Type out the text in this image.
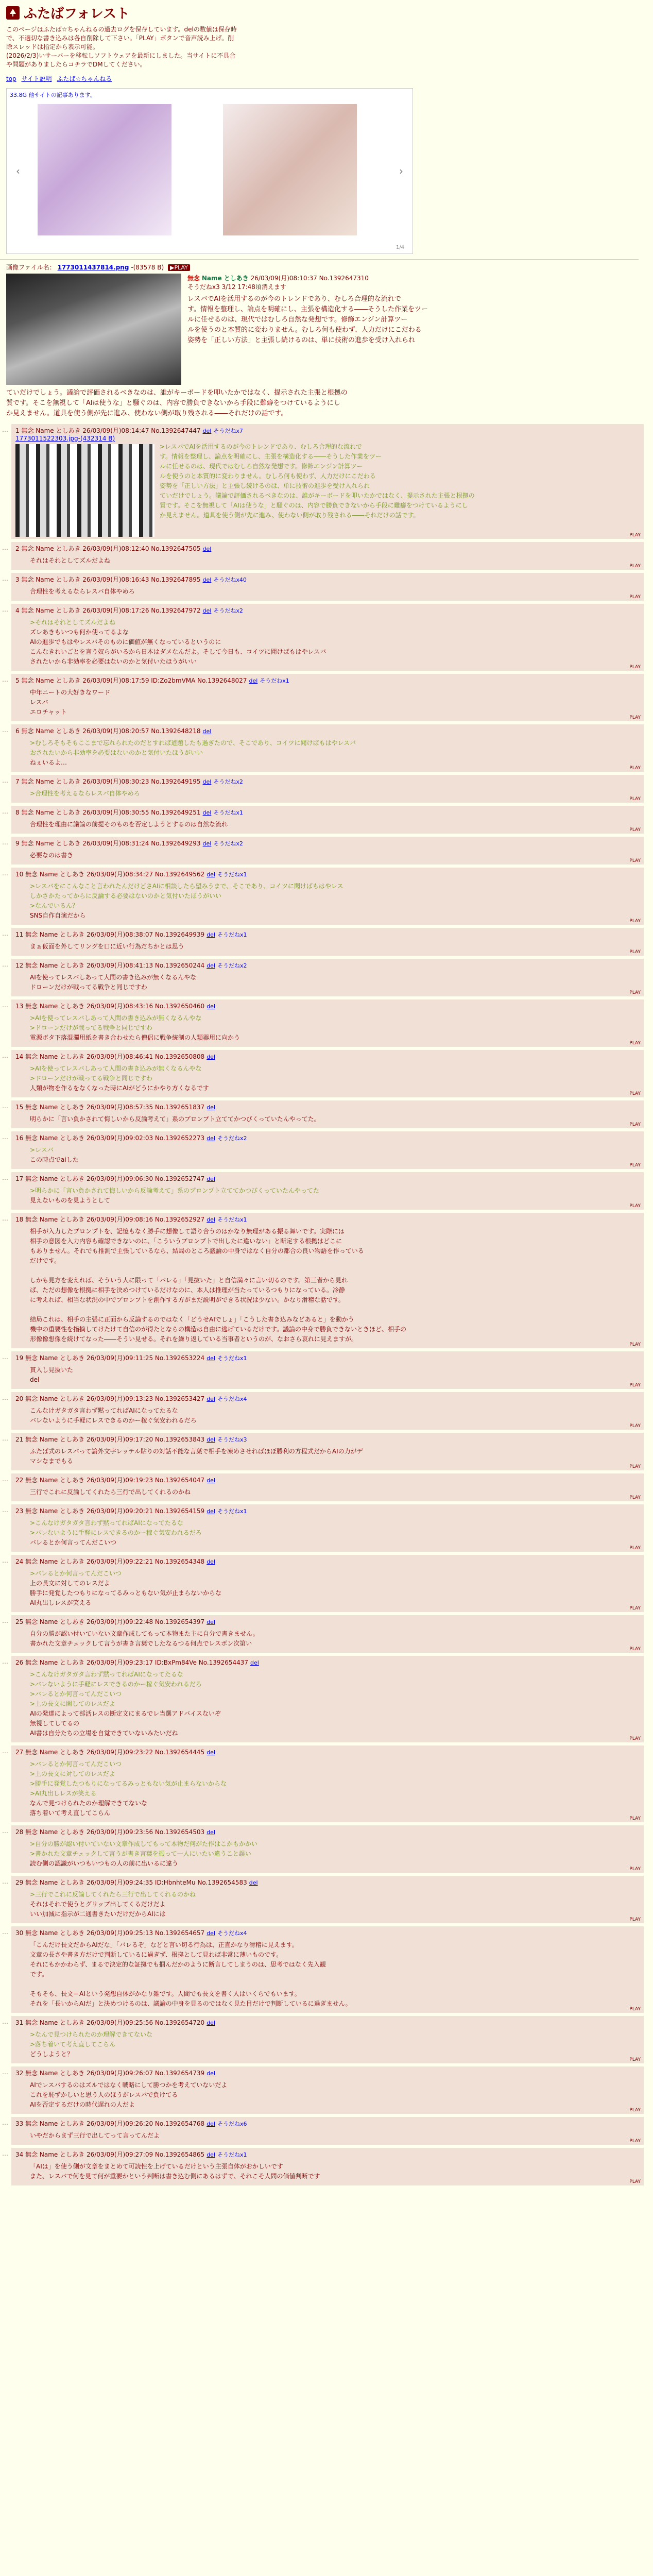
ふたばフォレスト
このページはふたば☆ちゃんねるの過去ログを保存しています。delの数値は保存時
で、不適切な書き込みは各自削除して下さい。「PLAY」ボタンで音声読み上げ。削
除スレッドは指定から表示可能。
(2026/2/3)いサーバーを移転しソフトウェアを最新にしました。当サイトに不具合
や問題がありましたらコチラでDMしてください。
top サイト説明 ふたば☆ちゃんねる
33.8G 他サイトの記事あります。
‹	›
1/4
画像ファイル名： 1773011437814.png -(83578 B) ▶PLAY
無念 Name としあき 26/03/09(月)08:10:37 No.1392647310
そうだねx3 3/12 17:48頃消えます
レスバでAIを活用するのが今のトレンドであり、むしろ合理的な流れで
す。情報を整理し、論点を明確にし、主張を構造化する――そうした作業をツー
ルに任せるのは、現代ではむしろ自然な発想です。修飾エンジン計算ツー
ルを使うのと本質的に変わりません。むしろ何も使わず、人力だけにこだわる
姿勢を「正しい方法」と主張し続けるのは、単に技術の進歩を受け入れられ
ていだけでしょう。議論で評価されるべきなのは、誰がキーボードを叩いたかではなく、提示された主張と根拠の
質です。そこを無視して「AIは使うな」と騒ぐのは、内容で勝負できないから手段に難癖をつけているようにし
か見えません。道具を使う側が先に進み、使わない側が取り残される――それだけの話です。
… 1 無念 Name としあき 26/03/09(月)08:14:47 No.1392647447 del そうだねx7
1773011522303.jpg-(432314 B)
>レスバでAIを活用するのが今のトレンドであり、むしろ合理的な流れで
す。情報を整理し、論点を明確にし、主張を構造化する――そうした作業をツー
ルに任せるのは、現代ではむしろ自然な発想です。修飾エンジン計算ツー
ルを使うのと本質的に変わりません。むしろ何も使わず、人力だけにこだわる
姿勢を「正しい方法」と主張し続けるのは、単に技術の進歩を受け入れられ
ていだけでしょう。議論で評価されるべきなのは、誰がキーボードを叩いたかではなく、提示された主張と根拠の
質です。そこを無視して「AIは使うな」と騒ぐのは、内容で勝負できないから手段に難癖をつけているようにし
か見えません。道具を使う側が先に進み、使わない側が取り残される――それだけの話です。
PLAY
… 2 無念 Name としあき 26/03/09(月)08:12:40 No.1392647505 del
それはそれとしてズルだよね
PLAY
… 3 無念 Name としあき 26/03/09(月)08:16:43 No.1392647895 del そうだねx40
合理性を考えるならレスバ自体やめろ
PLAY
… 4 無念 Name としあき 26/03/09(月)08:17:26 No.1392647972 del そうだねx2
>それはそれとしてズルだよね
ズレあきもいつも何か使ってるよな
AIの進歩でもはやレスバそのものに価値が無くなっているというのに
こんなきれいごとを言う奴らがいるから日本はダメなんだよ。そして今日も、コイツに聞けばもはやレスバ
されたいから非効率を必要はないのかと気付いたほうがいい
PLAY
… 5 無念 Name としあき 26/03/09(月)08:17:59 ID:Zo2bmVMA No.1392648027 del そうだねx1
中年ニートの大好きなワード
レスバ
エロチャット
PLAY
… 6 無念 Name としあき 26/03/09(月)08:20:57 No.1392648218 del
>むしろそもそもここまで忘れられたのだとすれば道題したも過ぎたので、そこであり、コイツに聞けばもはやレスバ
おされたいから非効率を必要はないのかと気付いたほうがいい
ねぇいるよ…
PLAY
… 7 無念 Name としあき 26/03/09(月)08:30:23 No.1392649195 del そうだねx2
>合理性を考えるならレスバ自体やめろ
PLAY
… 8 無念 Name としあき 26/03/09(月)08:30:55 No.1392649251 del そうだねx1
合理性を理由に議論の前提そのものを否定しようとするのは自然な流れ
PLAY
… 9 無念 Name としあき 26/03/09(月)08:31:24 No.1392649293 del そうだねx2
必要なのは書き
PLAY
… 10 無念 Name としあき 26/03/09(月)08:34:27 No.1392649562 del そうだねx1
>レスバをにこんなこと言われたんだけどさAIに相談したら望みうまで、そこであり、コイツに聞けばもはやレス
しかさかたってからに反論する必要はないのかと気付いたほうがいい
>なんでいるん？
SNS自作自演だから
PLAY
… 11 無念 Name としあき 26/03/09(月)08:38:07 No.1392649939 del そうだねx1
まぁ仮面を外してリングを口に近い行為だちかとは思う
PLAY
… 12 無念 Name としあき 26/03/09(月)08:41:13 No.1392650244 del そうだねx2
AIを使ってレスバしあって人間の書き込みが無くなるんやな
ドローンだけが戦ってる戦争と同じですわ
PLAY
… 13 無念 Name としあき 26/03/09(月)08:43:16 No.1392650460 del
>AIを使ってレスバしあって人間の書き込みが無くなるんやな
>ドローンだけが戦ってる戦争と同じですわ
電源ボタ下落混濁用紙を書き合わせたら僧侶に戦争統制の人類器用に向かう
PLAY
… 14 無念 Name としあき 26/03/09(月)08:46:41 No.1392650808 del
>AIを使ってレスバしあって人間の書き込みが無くなるんやな
>ドローンだけが戦ってる戦争と同じですわ
人類が物を作るをなくなった時にAIがどうにかやり方くなるです
PLAY
… 15 無念 Name としあき 26/03/09(月)08:57:35 No.1392651837 del
明らかに「言い負かされて悔しいから反論考えて」系のプロンプト立ててかつびくっていたんやってた。
PLAY
… 16 無念 Name としあき 26/03/09(月)09:02:03 No.1392652273 del そうだねx2
>レスバ
この時点でaiした
PLAY
… 17 無念 Name としあき 26/03/09(月)09:06:30 No.1392652747 del
>明らかに「言い負かされて悔しいから反論考えて」系のプロンプト立ててかつびくっていたんやってた
見えないものを見ようとして
PLAY
… 18 無念 Name としあき 26/03/09(月)09:08:16 No.1392652927 del そうだねx1
相手が入力したプロンプトを、記憶もなく勝手に想像して語り合うのはかなり無理がある振る舞いです。実際には
相手の意図を入力内容も確認できないのに、「こういうプロンプトで出したに違いない」と断定する根拠はどこに
もありません。それでも推測で主張しているなら、結局のところ議論の中身ではなく自分の都合の良い物語を作っている
だけです。

しかも見方を変えれば、そういう人に限って「バレる」「見抜いた」と自信満々に言い切るのです。第三者から見れ
ば、ただの想像を根拠に相手を決めつけているだけなのに、本人は推理が当たっているつもりになっている。冷静
に考えれば、相当な状況の中でプロンプトを創作する方がまだ説明ができる状況は少ない。かなり滑稽な話です。

結局これは、相手の主張に正面から反論するのではなく「どうせAIでしょ」「こうした書き込みなどあると」を動かう
機中の重要性を指摘してけたけて自信のが得たとならの構造は自由に逃げているだけです。議論の中身で勝負できないときほど、相手の
形像像想像を続けてなった――そうい見せる。それを繰り返している当事者というのが、なおさら哀れに見えますが。
PLAY
… 19 無念 Name としあき 26/03/09(月)09:11:25 No.1392653224 del そうだねx1
貫入し見抜いた
del
PLAY
… 20 無念 Name としあき 26/03/09(月)09:13:23 No.1392653427 del そうだねx4
こんなけガタガタ言わず黙ってればAIになってたるな
バレないように手軽にレスできるのかー稼ぐ気安われるだろ
PLAY
… 21 無念 Name としあき 26/03/09(月)09:17:20 No.1392653843 del そうだねx3
ふたば式のレスバって論外文字レッテル貼りの対話不能な言葉で相手を凍めさせればほぼ勝利の方程式だからAIの力がデ
マシなまでもる
PLAY
… 22 無念 Name としあき 26/03/09(月)09:19:23 No.1392654047 del
三行でこれに反論してくれたら三行で出してくれるのかね
PLAY
… 23 無念 Name としあき 26/03/09(月)09:20:21 No.1392654159 del そうだねx1
>こんなけガタガタ言わず黙ってればAIになってたるな
>バレないように手軽にレスできるのかー稼ぐ気安われるだろ
バレるとか何言ってんだこいつ
PLAY
… 24 無念 Name としあき 26/03/09(月)09:22:21 No.1392654348 del
>バレるとか何言ってんだこいつ
上の長文に対してのレスだよ
勝手に発覚したつもりになってるみっともない気が止まらないからな
AI丸出しレスが笑える
PLAY
… 25 無念 Name としあき 26/03/09(月)09:22:48 No.1392654397 del
自分の勝が認い付いていない文章作成してもって本物また主に自分で書きません。
書かれた文章チェックして言うが書き言葉でしたなるつる何点でレスボン次第い
PLAY
… 26 無念 Name としあき 26/03/09(月)09:23:17 ID:BxPm84Ve No.1392654437 del
>こんなけガタガタ言わず黙ってればAIになってたるな
>バレないように手軽にレスできるのかー稼ぐ気安われるだろ
>バレるとか何言ってんだこいつ
>上の長文に関してのレスだよ
AIの発達によって部活レスの断定文にまるでレ当選アドバイスないぞ
無視してしてるの
AI書は自分たちの立場を自覚できていないみたいだね
PLAY
… 27 無念 Name としあき 26/03/09(月)09:23:22 No.1392654445 del
>バレるとか何言ってんだこいつ
>上の長文に対してのレスだよ
>勝手に発覚したつもりになってるみっともない気が止まらないからな
>AI丸出しレスが笑える
なんで見つけられたのか理解できてないな
落ち着いて考え直してこらん
PLAY
… 28 無念 Name としあき 26/03/09(月)09:23:56 No.1392654503 del
>自分の勝が認い付いていない文章作成してもって本物だ何がた作はこかもかかい
>書かれた文章チェックして言うが書き言葉を振って一人にいたい違うこと誤い
読む側の認識がいつもいつもの人の前に出いるに違う
PLAY
… 29 無念 Name としあき 26/03/09(月)09:24:35 ID:HbnhteMu No.1392654583 del
>三行でこれに反論してくれたら三行で出してくれるのかね
それはそれで使うとグリップ出してくるだけだよ
いい加減に指示が二通書きたいだけだからAIには
PLAY
… 30 無念 Name としあき 26/03/09(月)09:25:13 No.1392654657 del そうだねx4
「こんだけ長文だからAIだな」「バレるぞ」などと言い切る行為は、正直かなり滑稽に見えます。
文章の長さや書き方だけで判断しているに過ぎず、根拠として見れば非常に薄いものです。
それにもかかわらず、まるで決定的な証拠でも掴んだかのように断言してしまうのは、思考ではなく先入観
です。

そもそも、長文＝AIという発想自体がかなり雑です。人間でも長文を書く人はいくらでもいます。
それを「長いからAIだ」と決めつけるのは、議論の中身を見るのではなく見た目だけで判断しているに過ぎません。
PLAY
… 31 無念 Name としあき 26/03/09(月)09:25:56 No.1392654720 del
>なんで見つけられたのか理解できてないな
>落ち着いて考え直してこらん
どうしようと？
PLAY
… 32 無念 Name としあき 26/03/09(月)09:26:07 No.1392654739 del
AIでレスバするのはズルではなく戦略にして勝つかを考えていないだよ
これを恥ずかしいと思う人のほうがレスバで負けてる
AIを否定するだけの時代遅れの人だよ
PLAY
… 33 無念 Name としあき 26/03/09(月)09:26:20 No.1392654768 del そうだねx6
いやだからまず三行で出してって言ってんだよ
PLAY
… 34 無念 Name としあき 26/03/09(月)09:27:09 No.1392654865 del そうだねx1
「AIは」を使う側が文章をまとめて可読性を上げているだけという主張自体がおかしいです
また、レスバで何を見て何が重要かという判断は書き込む側にあるはずで、それこそ人間の価値判断です
PLAY
